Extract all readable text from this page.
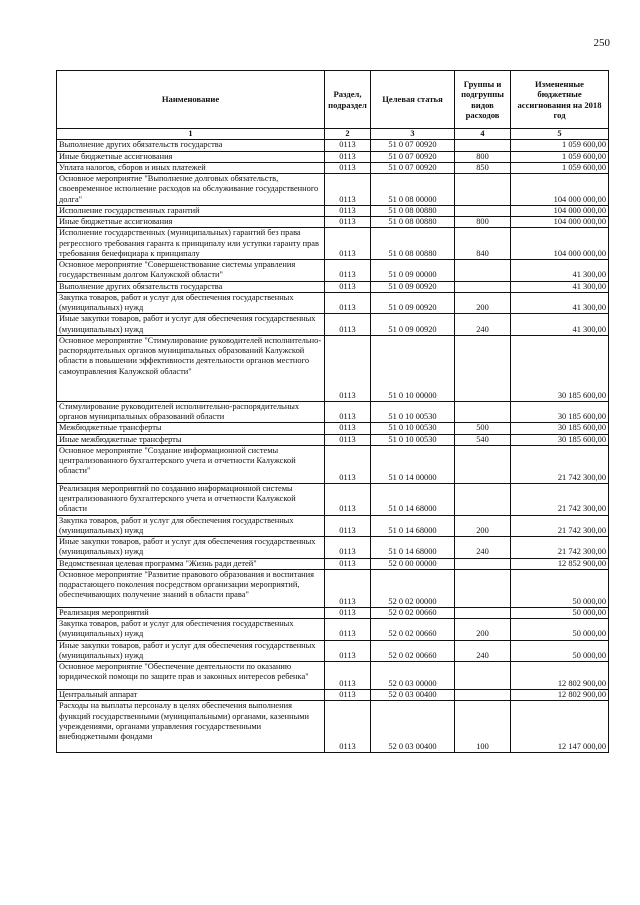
250
Наименование	Раздел, подраздел	Целевая статья	Группы и подгруппы видов расходов	Измененные бюджетные ассигнования на 2018 год
1	2	3	4	5
Выполнение других обязательств государства	0113	51 0 07 00920		1 059 600,00
Иные бюджетные ассигнования	0113	51 0 07 00920	800	1 059 600,00
Уплата налогов, сборов и иных платежей	0113	51 0 07 00920	850	1 059 600,00
Основное мероприятие "Выполнение долговых обязательств, своевременное исполнение расходов на обслуживание государственного долга"	0113	51 0 08 00000		104 000 000,00
Исполнение государственных гарантий	0113	51 0 08 00880		104 000 000,00
Иные бюджетные ассигнования	0113	51 0 08 00880	800	104 000 000,00
Исполнение государственных (муниципальных) гарантий без права регрессного требования гаранта к принципалу или уступки гаранту прав требования бенефициара к принципалу	0113	51 0 08 00880	840	104 000 000,00
Основное мероприятие "Совершенствование системы управления государственным долгом Калужской области"	0113	51 0 09 00000		41 300,00
Выполнение других обязательств государства	0113	51 0 09 00920		41 300,00
Закупка товаров, работ и услуг для обеспечения государственных (муниципальных) нужд	0113	51 0 09 00920	200	41 300,00
Иные закупки товаров, работ и услуг для обеспечения государственных (муниципальных) нужд	0113	51 0 09 00920	240	41 300,00
Основное мероприятие "Стимулирование руководителей исполнительно-распорядительных органов муниципальных образований Калужской области в повышении эффективности деятельности органов местного самоуправления Калужской области"	0113	51 0 10 00000		30 185 600,00
Стимулирование руководителей исполнительно-распорядительных органов муниципальных образований области	0113	51 0 10 00530		30 185 600,00
Межбюджетные трансферты	0113	51 0 10 00530	500	30 185 600,00
Иные межбюджетные трансферты	0113	51 0 10 00530	540	30 185 600,00
Основное мероприятие "Создание информационной системы централизованного бухгалтерского учета и отчетности Калужской области"	0113	51 0 14 00000		21 742 300,00
Реализация мероприятий по созданию информационной системы централизованного бухгалтерского учета и отчетности Калужской области	0113	51 0 14 68000		21 742 300,00
Закупка товаров, работ и услуг для обеспечения государственных (муниципальных) нужд	0113	51 0 14 68000	200	21 742 300,00
Иные закупки товаров, работ и услуг для обеспечения государственных (муниципальных) нужд	0113	51 0 14 68000	240	21 742 300,00
Ведомственная целевая программа "Жизнь ради детей"	0113	52 0 00 00000		12 852 900,00
Основное мероприятие "Развитие правового образования и воспитания подрастающего поколения посредством организации мероприятий, обеспечивающих получение знаний в области права"	0113	52 0 02 00000		50 000,00
Реализация мероприятий	0113	52 0 02 00660		50 000,00
Закупка товаров, работ и услуг для обеспечения государственных (муниципальных) нужд	0113	52 0 02 00660	200	50 000,00
Иные закупки товаров, работ и услуг для обеспечения государственных (муниципальных) нужд	0113	52 0 02 00660	240	50 000,00
Основное мероприятие "Обеспечение деятельности по оказанию юридической помощи по защите прав и законных интересов ребенка"	0113	52 0 03 00000		12 802 900,00
Центральный аппарат	0113	52 0 03 00400		12 802 900,00
Расходы на выплаты персоналу в целях обеспечения выполнения функций государственными (муниципальными) органами, казенными учреждениями, органами управления государственными внебюджетными фондами	0113	52 0 03 00400	100	12 147 000,00
